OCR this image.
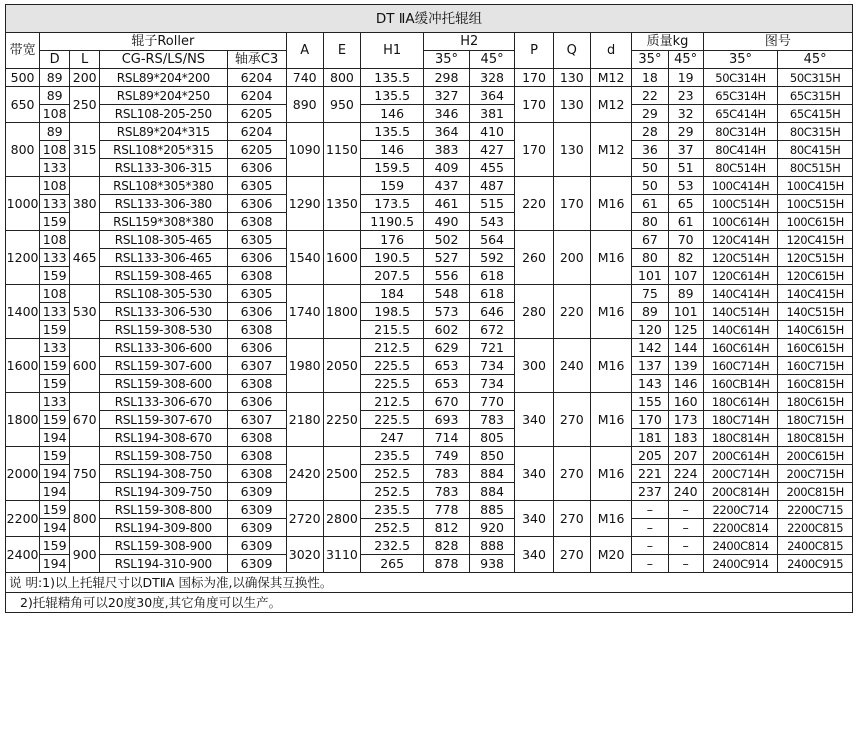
DT ⅡA缓冲托辊组																
带宽	辊子Roller				A	E	H1	H2		P	Q	d	质量kg		图号	
	D	L	CG-RS/LS/NS	轴承C3				35°	45°				35°	45°	35°	45°
500	89	200	RSL89*204*200	6204	740	800	135.5	298	328	170	130	M12	18	19	50C314H	50C315H
650	89	250	RSL89*204*250	6204	890	950	135.5	327	364	170	130	M12	22	23	65C314H	65C315H
	108		RSL108-205-250	6205			146	346	381				29	32	65C414H	65C415H
800	89	315	RSL89*204*315	6204	1090	1150	135.5	364	410	170	130	M12	28	29	80C314H	80C315H
	108		RSL108*205*315	6205			146	383	427				36	37	80C414H	80C415H
	133		RSL133-306-315	6306			159.5	409	455				50	51	80C514H	80C515H
1000	108	380	RSL108*305*380	6305	1290	1350	159	437	487	220	170	M16	50	53	100C414H	100C415H
	133		RSL133-306-380	6306			173.5	461	515				61	65	100C514H	100C515H
	159		RSL159*308*380	6308			1190.5	490	543				80	61	100C614H	100C615H
1200	108	465	RSL108-305-465	6305	1540	1600	176	502	564	260	200	M16	67	70	120C414H	120C415H
	133		RSL133-306-465	6306			190.5	527	592				80	82	120C514H	120C515H
	159		RSL159-308-465	6308			207.5	556	618				101	107	120C614H	120C615H
1400	108	530	RSL108-305-530	6305	1740	1800	184	548	618	280	220	M16	75	89	140C414H	140C415H
	133		RSL133-306-530	6306			198.5	573	646				89	101	140C514H	140C515H
	159		RSL159-308-530	6308			215.5	602	672				120	125	140C614H	140C615H
1600	133	600	RSL133-306-600	6306	1980	2050	212.5	629	721	300	240	M16	142	144	160C614H	160C615H
	159		RSL159-307-600	6307			225.5	653	734				137	139	160C714H	160C715H
	159		RSL159-308-600	6308			225.5	653	734				143	146	160CB14H	160C815H
1800	133	670	RSL133-306-670	6306	2180	2250	212.5	670	770	340	270	M16	155	160	180C614H	180C615H
	159		RSL159-307-670	6307			225.5	693	783				170	173	180C714H	180C715H
	194		RSL194-308-670	6308			247	714	805				181	183	180C814H	180C815H
2000	159	750	RSL159-308-750	6308	2420	2500	235.5	749	850	340	270	M16	205	207	200C614H	200C615H
	194		RSL194-308-750	6308			252.5	783	884				221	224	200C714H	200C715H
	194		RSL194-309-750	6309			252.5	783	884				237	240	200C814H	200C815H
2200	159	800	RSL159-308-800	6309	2720	2800	235.5	778	885	340	270	M16	–	–	2200C714	2200C715
	194		RSL194-309-800	6309			252.5	812	920				–	–	2200C814	2200C815
2400	159	900	RSL159-308-900	6309	3020	3110	232.5	828	888	340	270	M20	–	–	2400C814	2400C815
	194		RSL194-310-900	6309			265	878	938				–	–	2400C914	2400C915
说 明:1)以上托辊尺寸以DTⅡA 国标为准,以确保其互换性。																
2)托辊精角可以20度30度,其它角度可以生产。																
